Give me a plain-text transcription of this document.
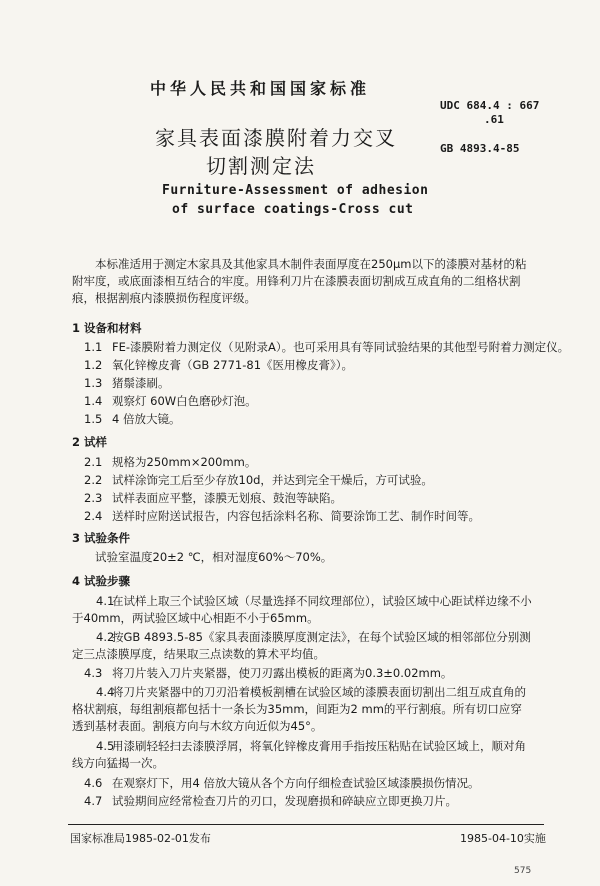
中华人民共和国国家标准
UDC 684.4 : 667
.61
家具表面漆膜附着力交叉	GB 4893.4-85
切割测定法
Furniture-Assessment of adhesion
of surface coatings-Cross cut
本标准适用于测定木家具及其他家具木制件表面厚度在250μm以下的漆膜对基材的粘附牢度，或底面漆相互结合的牢度。用锋利刀片在漆膜表面切割成互成直角的二组格状割痕，根据割痕内漆膜损伤程度评级。
1 设备和材料
1.1 FE-漆膜附着力测定仪（见附录A）。也可采用具有等同试验结果的其他型号附着力测定仪。
1.2 氧化锌橡皮膏（GB 2771-81《医用橡皮膏》）。
1.3 猪鬃漆刷。
1.4 观察灯 60W白色磨砂灯泡。
1.5 4 倍放大镜。
2 试样
2.1 规格为250mm×200mm。
2.2 试样涂饰完工后至少存放10d，并达到完全干燥后，方可试验。
2.3 试样表面应平整，漆膜无划痕、鼓泡等缺陷。
2.4 送样时应附送试报告，内容包括涂料名称、简要涂饰工艺、制作时间等。
3 试验条件
试验室温度20±2 ℃，相对湿度60%～70%。
4 试验步骤
4.1在试样上取三个试验区域（尽量选择不同纹理部位），试验区域中心距试样边缘不小于40mm，两试验区域中心相距不小于65mm。
4.2按GB 4893.5-85《家具表面漆膜厚度测定法》，在每个试验区域的相邻部位分别测定三点漆膜厚度，结果取三点读数的算术平均值。
4.3 将刀片装入刀片夹紧器，使刀刃露出模板的距离为0.3±0.02mm。
4.4将刀片夹紧器中的刀刃沿着模板割槽在试验区域的漆膜表面切割出二组互成直角的格状割痕，每组割痕都包括十一条长为35mm，间距为2 mm的平行割痕。所有切口应穿透到基材表面。割痕方向与木纹方向近似为45°。
4.5用漆刷轻轻扫去漆膜浮屑，将氧化锌橡皮膏用手指按压粘贴在试验区域上，顺对角线方向猛揭一次。
4.6 在观察灯下，用4 倍放大镜从各个方向仔细检查试验区域漆膜损伤情况。
4.7 试验期间应经常检查刀片的刃口，发现磨损和碎缺应立即更换刀片。
国家标准局1985-02-01发布	1985-04-10实施
575
